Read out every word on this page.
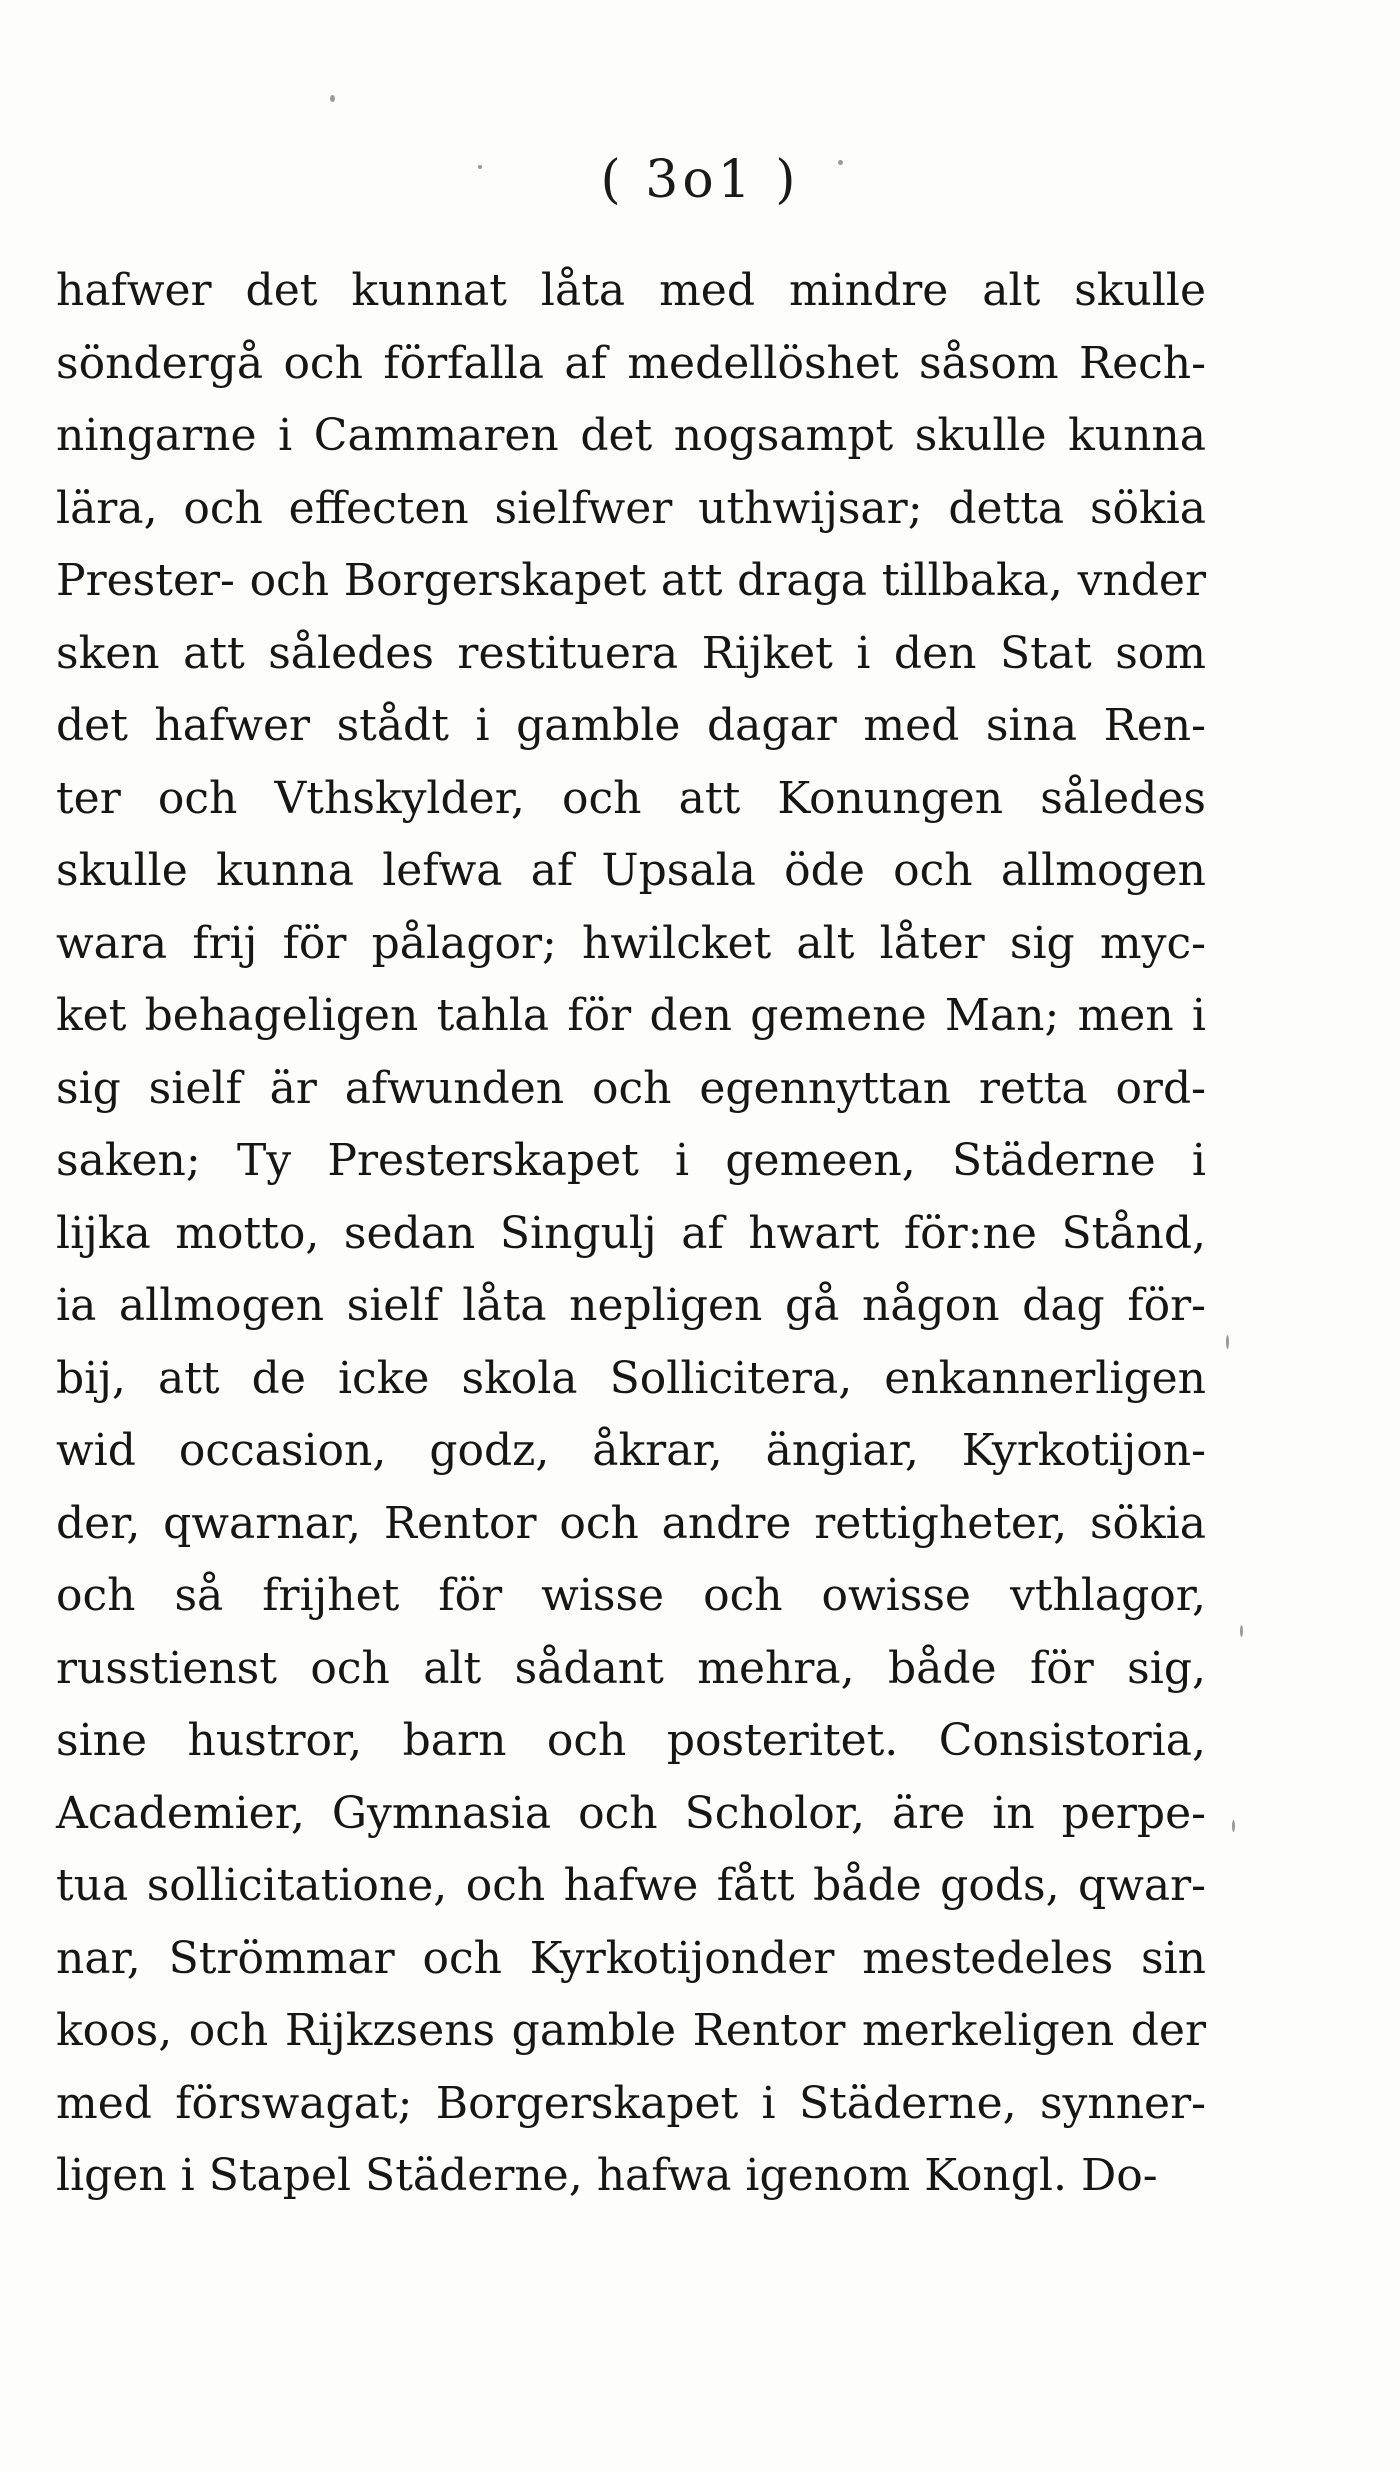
( 3o1 )
hafwer det kunnat låta med mindre alt skulle
söndergå och förfalla af medellöshet såsom Rech-
ningarne i Cammaren det nogsampt skulle kunna
lära, och effecten sielfwer uthwijsar; detta sökia
Prester- och Borgerskapet att draga tillbaka, vnder
sken att således restituera Rijket i den Stat som
det hafwer stådt i gamble dagar med sina Ren-
ter och Vthskylder, och att Konungen således
skulle kunna lefwa af Upsala öde och allmogen
wara frij för pålagor; hwilcket alt låter sig myc-
ket behageligen tahla för den gemene Man; men i
sig sielf är afwunden och egennyttan retta ord-
saken; Ty Presterskapet i gemeen, Städerne i
lijka motto, sedan Singulj af hwart för:ne Stånd,
ia allmogen sielf låta nepligen gå någon dag för-
bij, att de icke skola Sollicitera, enkannerligen
wid occasion, godz, åkrar, ängiar, Kyrkotijon-
der, qwarnar, Rentor och andre rettigheter, sökia
och så frijhet för wisse och owisse vthlagor,
russtienst och alt sådant mehra, både för sig,
sine hustror, barn och posteritet. Consistoria,
Academier, Gymnasia och Scholor, äre in perpe-
tua sollicitatione, och hafwe fått både gods, qwar-
nar, Strömmar och Kyrkotijonder mestedeles sin
koos, och Rijkzsens gamble Rentor merkeligen der
med förswagat; Borgerskapet i Städerne, synner-
ligen i Stapel Städerne, hafwa igenom Kongl. Do-
